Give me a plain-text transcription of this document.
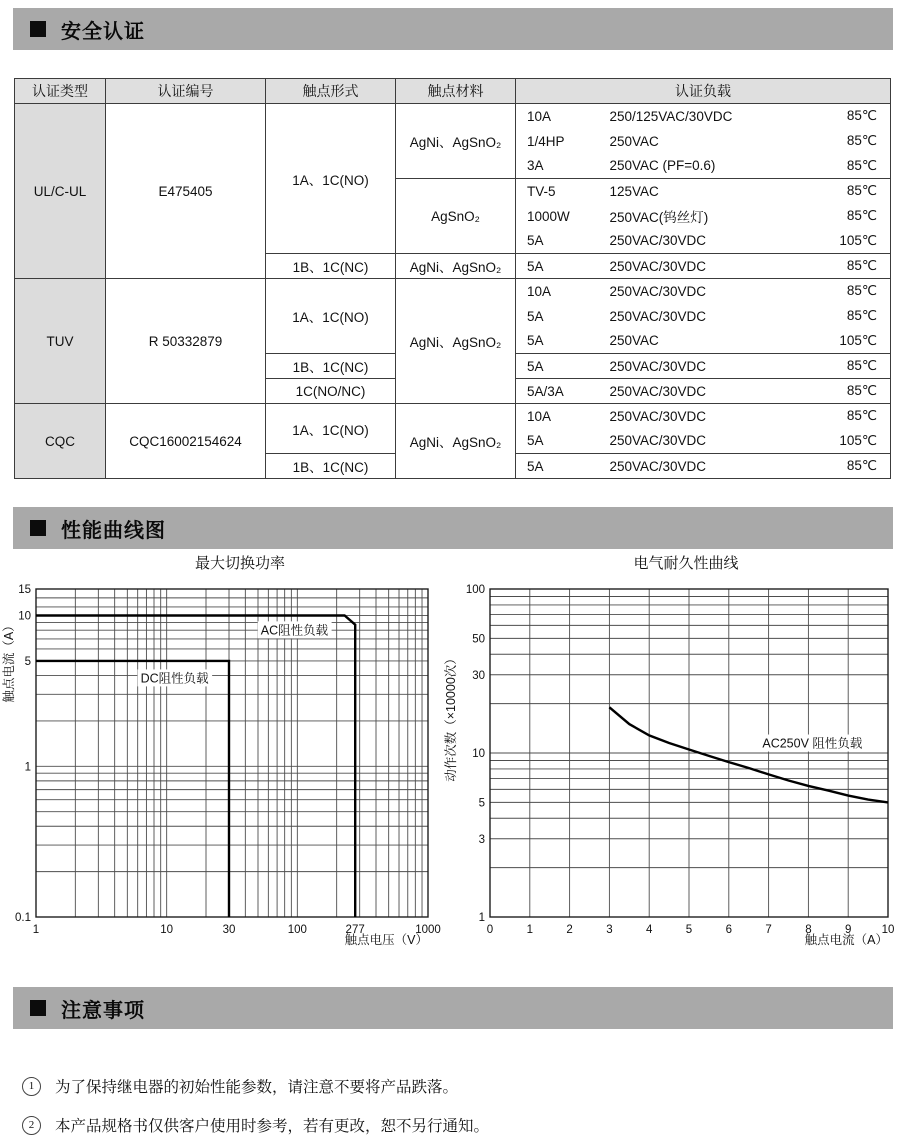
安全认证
认证类型	认证编号	触点形式	触点材料	认证负载		
UL/C-UL	E475405	1A、1C(NO)	AgNi、AgSnO₂	10A	250/125VAC/30VDC	85℃
				1/4HP	250VAC	85℃
				3A	250VAC (PF=0.6)	85℃
			AgSnO₂	TV-5	125VAC	85℃
				1000W	250VAC(钨丝灯)	85℃
				5A	250VAC/30VDC	105℃
		1B、1C(NC)	AgNi、AgSnO₂	5A	250VAC/30VDC	85℃
TUV	R 50332879	1A、1C(NO)	AgNi、AgSnO₂	10A	250VAC/30VDC	85℃
				5A	250VAC/30VDC	85℃
				5A	250VAC	105℃
		1B、1C(NC)		5A	250VAC/30VDC	85℃
		1C(NO/NC)		5A/3A	250VAC/30VDC	85℃
CQC	CQC16002154624	1A、1C(NO)	AgNi、AgSnO₂	10A	250VAC/30VDC	85℃
				5A	250VAC/30VDC	105℃
		1B、1C(NC)		5A	250VAC/30VDC	85℃
性能曲线图
最大切换功率
AC阻性负载
DC阻性负载
1	10	30	100	277	1000
0.1
1
5
10
15
触点电压（V）
触点电流（A）
电气耐久性曲线
AC250V 阻性负载
0	1	2	3	4	5	6	7	8	9	10
1
3
5
10
30
50
100
触点电流（A）
动作次数（×10000次）
注意事项
1	为了保持继电器的初始性能参数，请注意不要将产品跌落。
2	本产品规格书仅供客户使用时参考，若有更改，恕不另行通知。
